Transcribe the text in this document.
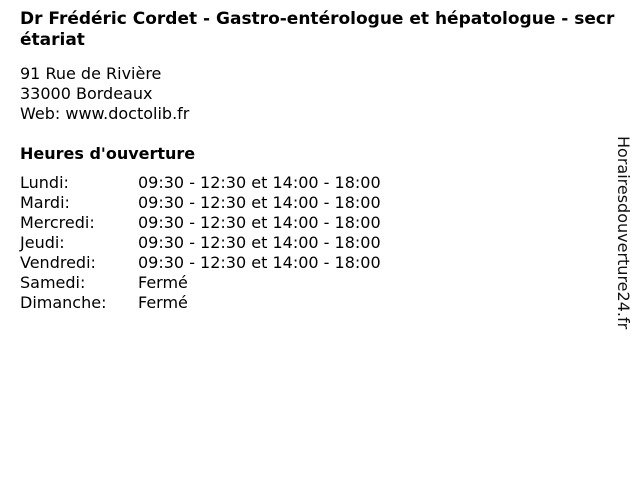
Dr Frédéric Cordet - Gastro-entérologue et hépatologue - secrétariat
91 Rue de Rivière
33000 Bordeaux
Web: www.doctolib.fr
Heures d'ouverture
Lundi:	09:30 - 12:30 et 14:00 - 18:00
Mardi:	09:30 - 12:30 et 14:00 - 18:00
Mercredi:	09:30 - 12:30 et 14:00 - 18:00
Jeudi:	09:30 - 12:30 et 14:00 - 18:00
Vendredi:	09:30 - 12:30 et 14:00 - 18:00
Samedi:	Fermé
Dimanche:	Fermé	Horairesdouverture24.fr
